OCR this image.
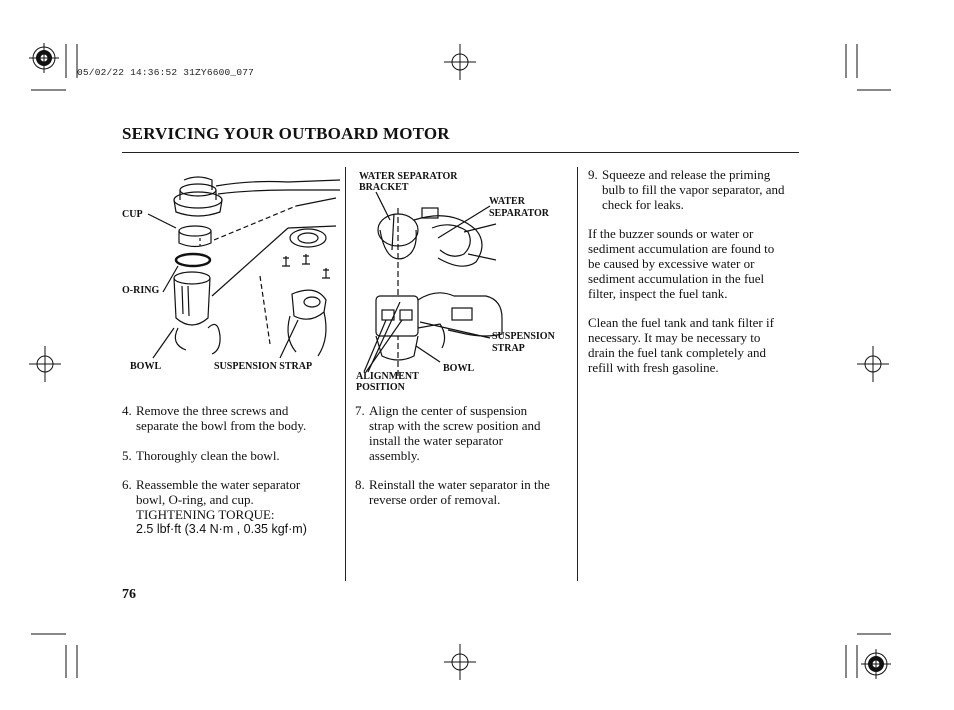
05/02/22 14:36:52 31ZY6600_077
SERVICING YOUR OUTBOARD MOTOR
CUP
O-RING
BOWL	SUSPENSION STRAP
WATER SEPARATOR
BRACKET
WATER
SEPARATOR
SUSPENSION
STRAP
ALIGNMENT
POSITION
BOWL
4. Remove the three screws and
separate the bowl from the body.
5. Thoroughly clean the bowl.
6. Reassemble the water separator
bowl, O-ring, and cup.
TIGHTENING TORQUE:
2.5 lbf·ft (3.4 N·m , 0.35 kgf·m)
7. Align the center of suspension
strap with the screw position and
install the water separator
assembly.
8. Reinstall the water separator in the
reverse order of removal.
9. Squeeze and release the priming
bulb to fill the vapor separator, and
check for leaks.
If the buzzer sounds or water or
sediment accumulation are found to
be caused by excessive water or
sediment accumulation in the fuel
filter, inspect the fuel tank.
Clean the fuel tank and tank filter if
necessary. It may be necessary to
drain the fuel tank completely and
refill with fresh gasoline.
76
